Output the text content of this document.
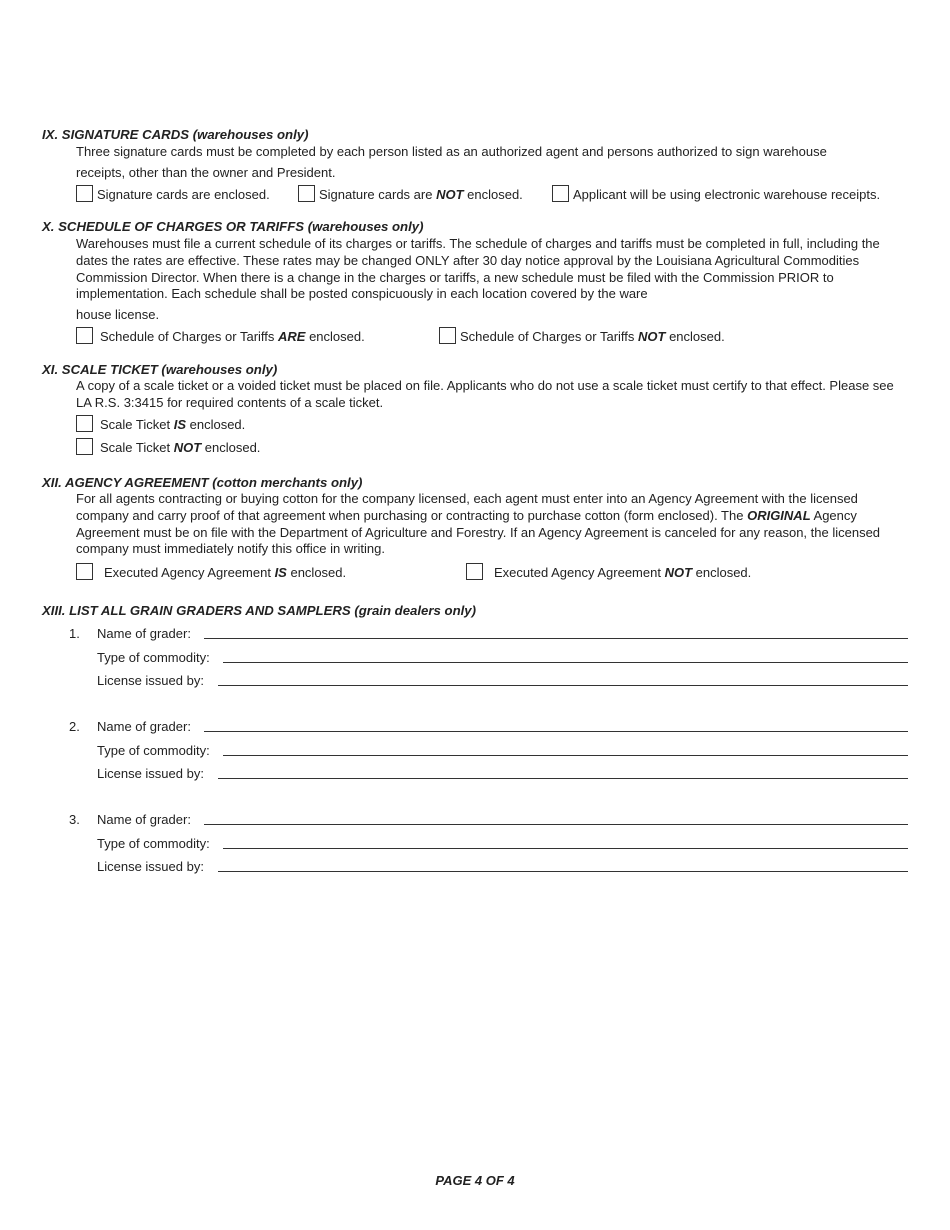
IX. SIGNATURE CARDS (warehouses only)
Three signature cards must be completed by each person listed as an authorized agent and persons authorized to sign warehouse
receipts, other than the owner and President.
Signature cards are enclosed.	Signature cards are NOT enclosed.	Applicant will be using electronic warehouse receipts.
X. SCHEDULE OF CHARGES OR TARIFFS (warehouses only)
Warehouses must file a current schedule of its charges or tariffs. The schedule of charges and tariffs must be completed in full, including the dates the rates are effective. These rates may be changed ONLY after 30 day notice approval by the Louisiana Agricultural Commodities Commission Director. When there is a change in the charges or tariffs, a new schedule must be filed with the Commission PRIOR to implementation. Each schedule shall be posted conspicuously in each location covered by the ware
house license.
Schedule of Charges or Tariffs ARE enclosed.	Schedule of Charges or Tariffs NOT enclosed.
XI. SCALE TICKET (warehouses only)
A copy of a scale ticket or a voided ticket must be placed on file. Applicants who do not use a scale ticket must certify to that effect. Please see LA R.S. 3:3415 for required contents of a scale ticket.
Scale Ticket IS enclosed.
Scale Ticket NOT enclosed.
XII. AGENCY AGREEMENT (cotton merchants only)
For all agents contracting or buying cotton for the company licensed, each agent must enter into an Agency Agreement with the licensed company and carry proof of that agreement when purchasing or contracting to purchase cotton (form enclosed). The ORIGINAL Agency Agreement must be on file with the Department of Agriculture and Forestry. If an Agency Agreement is canceled for any reason, the licensed company must immediately notify this office in writing.
Executed Agency Agreement IS enclosed.	Executed Agency Agreement NOT enclosed.
XIII. LIST ALL GRAIN GRADERS AND SAMPLERS (grain dealers only)
1. Name of grader:
Type of commodity:
License issued by:
2. Name of grader:
Type of commodity:
License issued by:
3. Name of grader:
Type of commodity:
License issued by:
PAGE 4 OF 4
